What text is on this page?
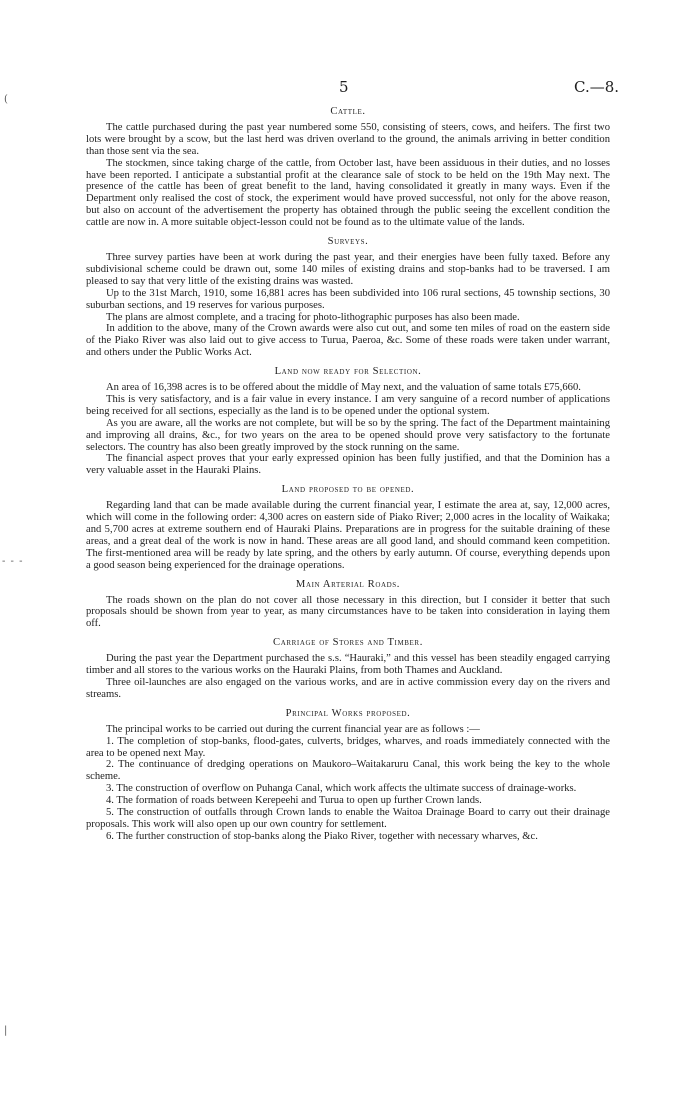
(
- - -
|
5	C.—8.
Cattle.

The cattle purchased during the past year numbered some 550, consisting of steers, cows, and heifers. The first two lots were brought by a scow, but the last herd was driven overland to the ground, the animals arriving in better condition than those sent via the sea.

The stockmen, since taking charge of the cattle, from October last, have been assiduous in their duties, and no losses have been reported. I anticipate a substantial profit at the clearance sale of stock to be held on the 19th May next. The presence of the cattle has been of great benefit to the land, having consolidated it greatly in many ways. Even if the Department only realised the cost of stock, the experiment would have proved successful, not only for the above reason, but also on account of the advertisement the property has obtained through the public seeing the excellent condition the cattle are now in. A more suitable object-lesson could not be found as to the ultimate value of the lands.

Surveys.

Three survey parties have been at work during the past year, and their energies have been fully taxed. Before any subdivisional scheme could be drawn out, some 140 miles of existing drains and stop-banks had to be traversed. I am pleased to say that very little of the existing drains was wasted.

Up to the 31st March, 1910, some 16,881 acres has been subdivided into 106 rural sections, 45 township sections, 30 suburban sections, and 19 reserves for various purposes.

The plans are almost complete, and a tracing for photo-lithographic purposes has also been made.

In addition to the above, many of the Crown awards were also cut out, and some ten miles of road on the eastern side of the Piako River was also laid out to give access to Turua, Paeroa, &c. Some of these roads were taken under warrant, and others under the Public Works Act.

Land now ready for Selection.

An area of 16,398 acres is to be offered about the middle of May next, and the valuation of same totals £75,660.

This is very satisfactory, and is a fair value in every instance. I am very sanguine of a record number of applications being received for all sections, especially as the land is to be opened under the optional system.

As you are aware, all the works are not complete, but will be so by the spring. The fact of the Department maintaining and improving all drains, &c., for two years on the area to be opened should prove very satisfactory to the fortunate selectors. The country has also been greatly improved by the stock running on the same.

The financial aspect proves that your early expressed opinion has been fully justified, and that the Dominion has a very valuable asset in the Hauraki Plains.

Land proposed to be opened.

Regarding land that can be made available during the current financial year, I estimate the area at, say, 12,000 acres, which will come in the following order: 4,300 acres on eastern side of Piako River; 2,000 acres in the locality of Waikaka; and 5,700 acres at extreme southern end of Hauraki Plains. Preparations are in progress for the suitable draining of these areas, and a great deal of the work is now in hand. These areas are all good land, and should command keen competition. The first-mentioned area will be ready by late spring, and the others by early autumn. Of course, everything depends upon a good season being experienced for the drainage operations.

Main Arterial Roads.

The roads shown on the plan do not cover all those necessary in this direction, but I consider it better that such proposals should be shown from year to year, as many circumstances have to be taken into consideration in laying them off.

Carriage of Stores and Timber.

During the past year the Department purchased the s.s. “Hauraki,” and this vessel has been steadily engaged carrying timber and all stores to the various works on the Hauraki Plains, from both Thames and Auckland.

Three oil-launches are also engaged on the various works, and are in active commission every day on the rivers and streams.

Principal Works proposed.

The principal works to be carried out during the current financial year are as follows :—

1. The completion of stop-banks, flood-gates, culverts, bridges, wharves, and roads immediately connected with the area to be opened next May.

2. The continuance of dredging operations on Maukoro–Waitakaruru Canal, this work being the key to the whole scheme.

3. The construction of overflow on Puhanga Canal, which work affects the ultimate success of drainage-works.

4. The formation of roads between Kerepeehi and Turua to open up further Crown lands.

5. The construction of outfalls through Crown lands to enable the Waitoa Drainage Board to carry out their drainage proposals. This work will also open up our own country for settlement.

6. The further construction of stop-banks along the Piako River, together with necessary wharves, &c.
